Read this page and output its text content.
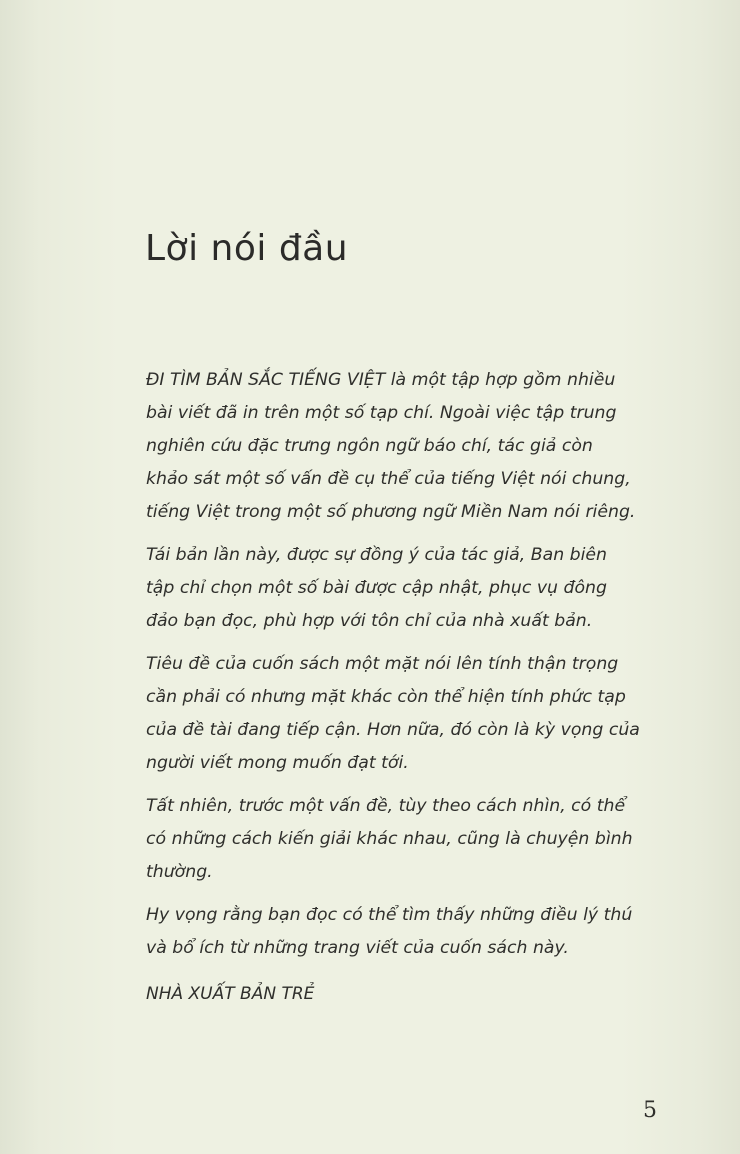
Lời nói đầu

ĐI TÌM BẢN SẮC TIẾNG VIỆT là một tập hợp gồm nhiều
bài viết đã in trên một số tạp chí. Ngoài việc tập trung
nghiên cứu đặc trưng ngôn ngữ báo chí, tác giả còn
khảo sát một số vấn đề cụ thể của tiếng Việt nói chung,
tiếng Việt trong một số phương ngữ Miền Nam nói riêng.

Tái bản lần này, được sự đồng ý của tác giả, Ban biên
tập chỉ chọn một số bài được cập nhật, phục vụ đông
đảo bạn đọc, phù hợp với tôn chỉ của nhà xuất bản.

Tiêu đề của cuốn sách một mặt nói lên tính thận trọng
cần phải có nhưng mặt khác còn thể hiện tính phức tạp
của đề tài đang tiếp cận. Hơn nữa, đó còn là kỳ vọng của
người viết mong muốn đạt tới.

Tất nhiên, trước một vấn đề, tùy theo cách nhìn, có thể
có những cách kiến giải khác nhau, cũng là chuyện bình
thường.

Hy vọng rằng bạn đọc có thể tìm thấy những điều lý thú
và bổ ích từ những trang viết của cuốn sách này.

NHÀ XUẤT BẢN TRẺ
5
